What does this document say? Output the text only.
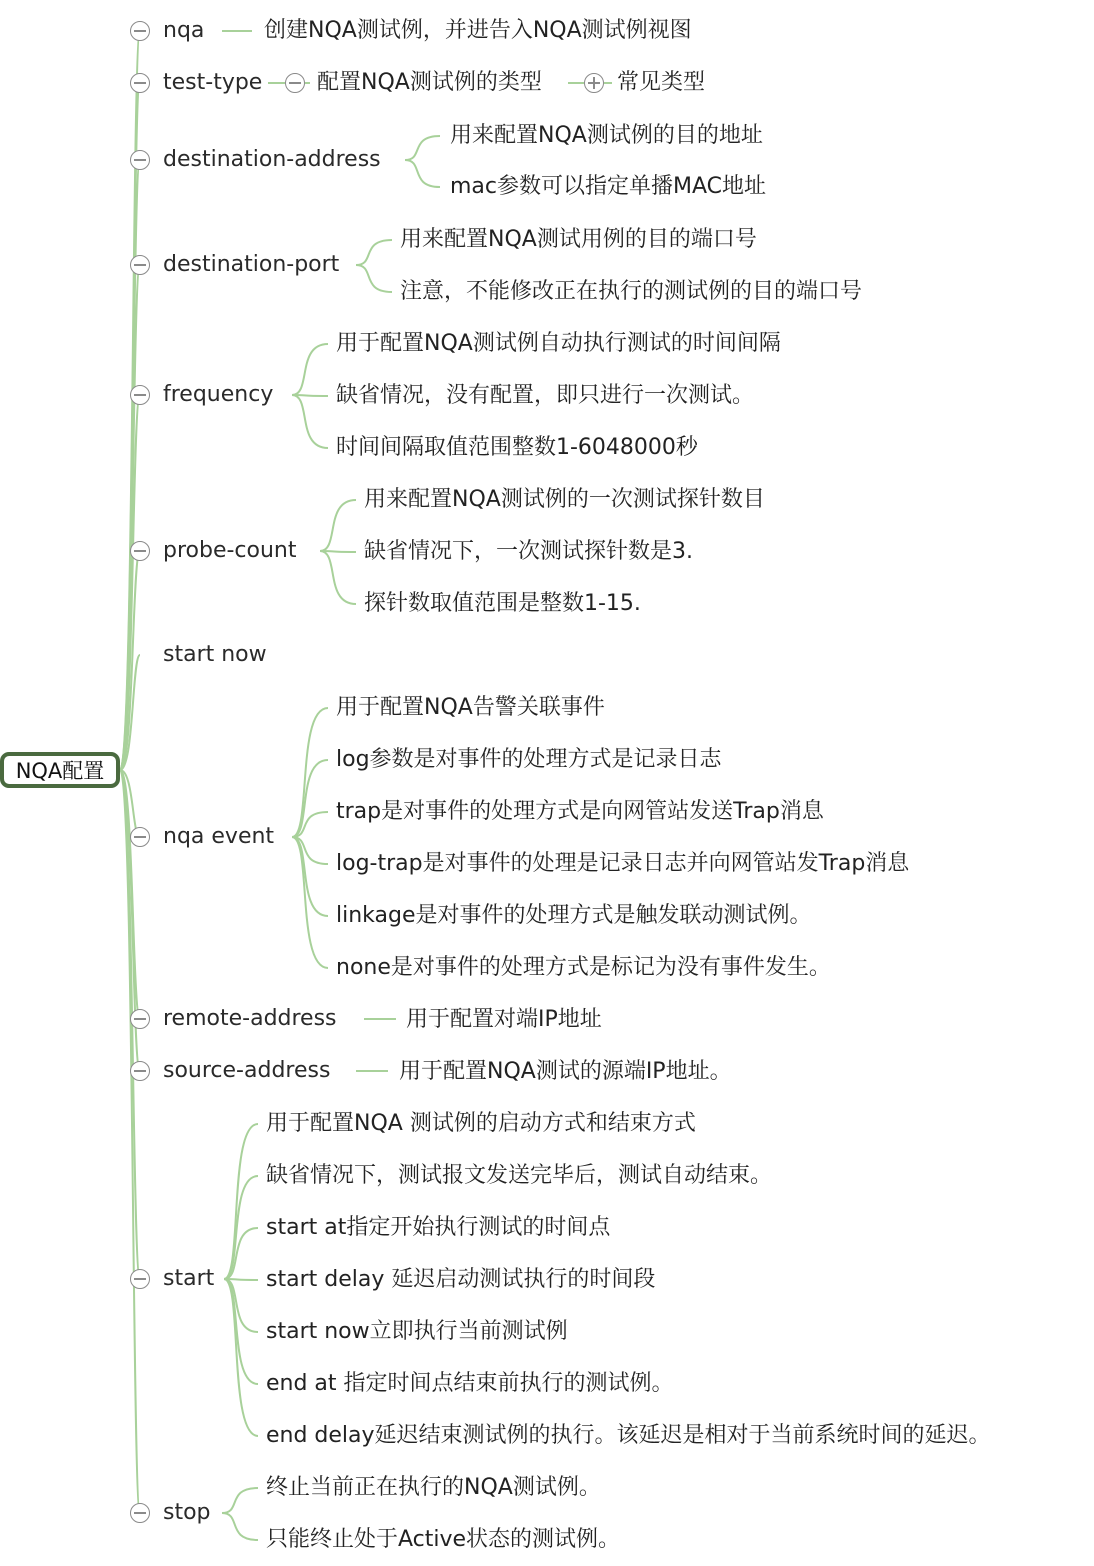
NQA配置
nqa
test-type
destination-address
destination-port
frequency
probe-count
start now
nqa event
remote-address
source-address
start
stop
创建NQA测试例，并进告入NQA测试例视图
配置NQA测试例的类型	常见类型
用来配置NQA测试例的目的地址
mac参数可以指定单播MAC地址
用来配置NQA测试用例的目的端口号
注意，不能修改正在执行的测试例的目的端口号
用于配置NQA测试例自动执行测试的时间间隔
缺省情况，没有配置，即只进行一次测试。
时间间隔取值范围整数1-6048000秒
用来配置NQA测试例的一次测试探针数目
缺省情况下，一次测试探针数是3.
探针数取值范围是整数1-15.
用于配置NQA告警关联事件
log参数是对事件的处理方式是记录日志
trap是对事件的处理方式是向网管站发送Trap消息
log-trap是对事件的处理是记录日志并向网管站发Trap消息
linkage是对事件的处理方式是触发联动测试例。
none是对事件的处理方式是标记为没有事件发生。
用于配置对端IP地址
用于配置NQA测试的源端IP地址。
用于配置NQA 测试例的启动方式和结束方式
缺省情况下，测试报文发送完毕后，测试自动结束。
start at指定开始执行测试的时间点
start delay 延迟启动测试执行的时间段
start now立即执行当前测试例
end at 指定时间点结束前执行的测试例。
end delay延迟结束测试例的执行。该延迟是相对于当前系统时间的延迟。
终止当前正在执行的NQA测试例。
只能终止处于Active状态的测试例。
